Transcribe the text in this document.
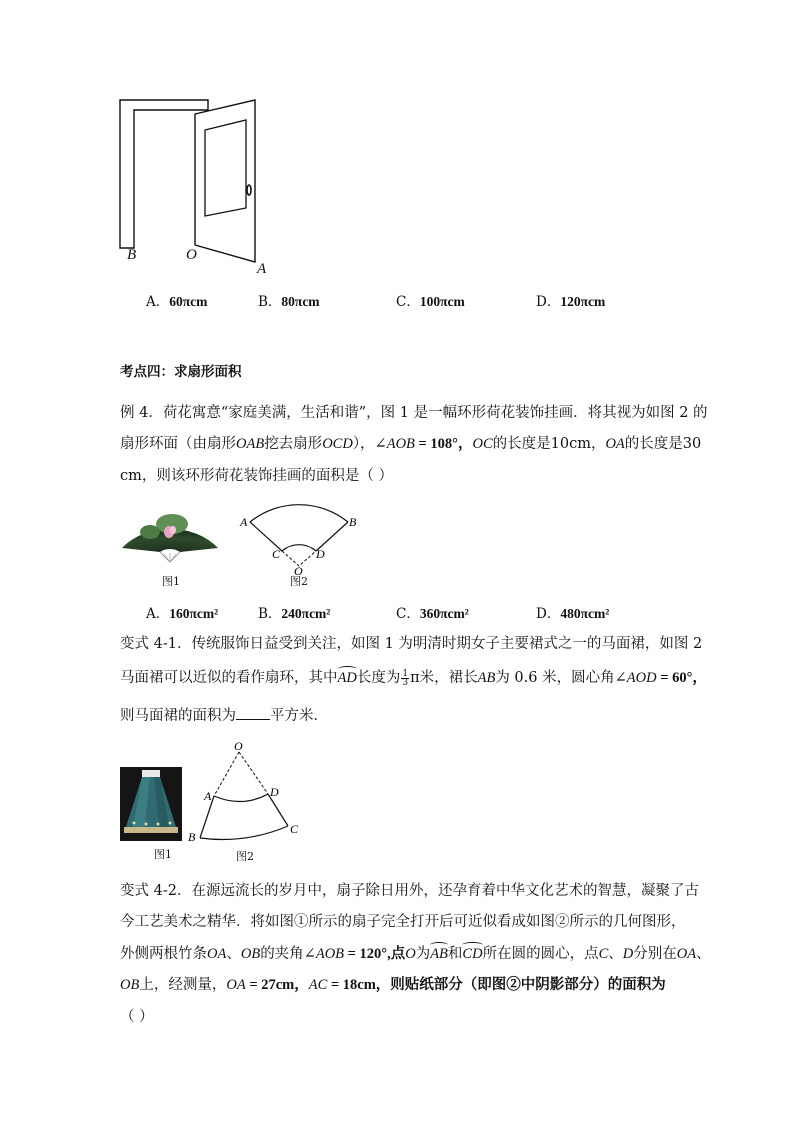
B	O
A
A．60πcm	B．80πcm	C．100πcm	D．120πcm
考点四：求扇形面积
例 4．荷花寓意“家庭美满，生活和谐”，图 1 是一幅环形荷花装饰挂画．将其视为如图 2 的
扇形环面（由扇形OAB挖去扇形OCD），∠AOB = 108°，OC的长度是10cm，OA的长度是30
cm，则该环形荷花装饰挂画的面积是（ ）
图1
A	B
C	D
O
图2
A．160πcm²	B．240πcm²	C．360πcm²	D．480πcm²
变式 4-1．传统服饰日益受到关注，如图 1 为明清时期女子主要裙式之一的马面裙，如图 2
马面裙可以近似的看作扇环，其中AD长度为 $\frac{1}{3}$ π米，裙长AB为 0.6 米，圆心角∠AOD = 60°，
则马面裙的面积为 平方米．
图1
O
A	D
B
C
图2
变式 4-2．在源远流长的岁月中，扇子除日用外，还孕育着中华文化艺术的智慧，凝聚了古
今工艺美术之精华．将如图①所示的扇子完全打开后可近似看成如图②所示的几何图形，
外侧两根竹条OA、OB的夹角∠AOB = 120°,点O为AB和CD所在圆的圆心，点C、D分别在OA、
OB上，经测量，OA = 27cm，AC = 18cm，则贴纸部分（即图②中阴影部分）的面积为
（ ）
